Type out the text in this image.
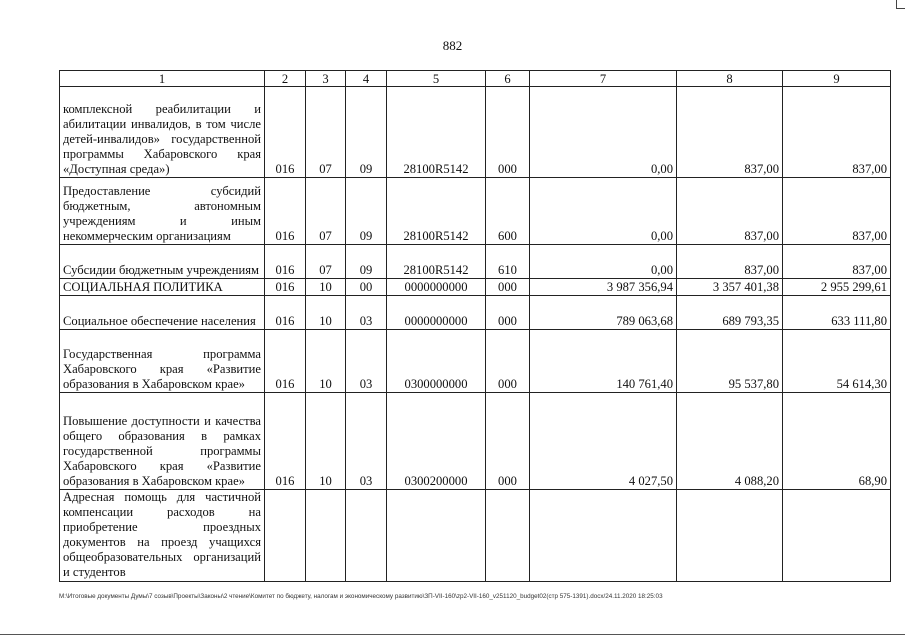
882
1	2	3	4	5	6	7	8	9
комплексной реабилитации и абилитации инвалидов, в том числе детей-инвалидов» государственной программы Хабаровского края «Доступная среда»)	016	07	09	28100R5142	000	0,00	837,00	837,00
Предоставление субсидий бюджетным, автономным учреждениям и иным некоммерческим организациям	016	07	09	28100R5142	600	0,00	837,00	837,00
Субсидии бюджетным учреждениям	016	07	09	28100R5142	610	0,00	837,00	837,00
СОЦИАЛЬНАЯ ПОЛИТИКА	016	10	00	0000000000	000	3 987 356,94	3 357 401,38	2 955 299,61
Социальное обеспечение населения	016	10	03	0000000000	000	789 063,68	689 793,35	633 111,80
Государственная программа Хабаровского края «Развитие образования в Хабаровском крае»	016	10	03	0300000000	000	140 761,40	95 537,80	54 614,30
Повышение доступности и качества общего образования в рамках государственной программы Хабаровского края «Развитие образования в Хабаровском крае»	016	10	03	0300200000	000	4 027,50	4 088,20	68,90
Адресная помощь для частичной компенсации расходов на приобретение проездных документов на проезд учащихся общеобразовательных организаций и студентов								
M:\Итоговые документы Думы\7 созыв\Проекты\Законы\2 чтение\Комитет по бюджету, налогам и экономическому развитию\ЗП-VII-160\zp2-VII-160_v251120_budget02(стр 575-1391).docx/24.11.2020 18:25:03
